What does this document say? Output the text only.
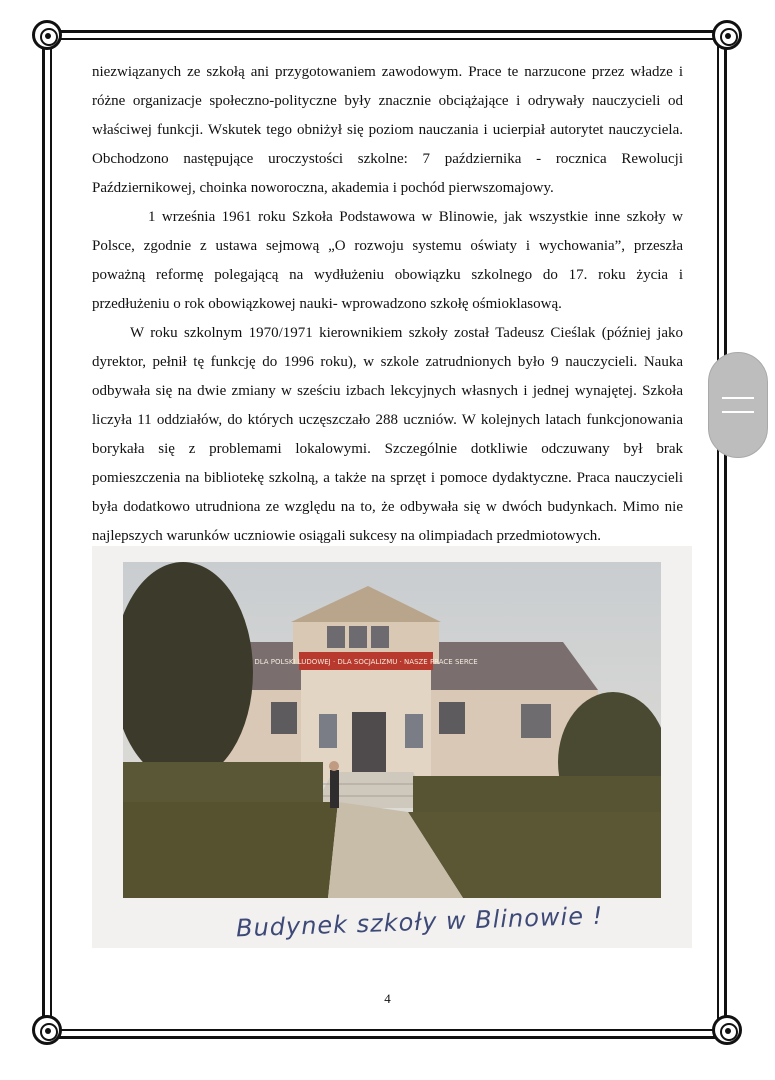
niezwiązanych ze szkołą ani przygotowaniem zawodowym. Prace te narzucone przez władze i różne organizacje społeczno-polityczne były znacznie obciążające i odrywały nauczycieli od właściwej funkcji. Wskutek tego obniżył się poziom nauczania i ucierpiał autorytet nauczyciela. Obchodzono następujące uroczystości szkolne: 7 października - rocznica Rewolucji Październikowej, choinka noworoczna, akademia i pochód pierwszomajowy.

1 września 1961 roku Szkoła Podstawowa w Blinowie, jak wszystkie inne szkoły w Polsce, zgodnie z ustawa sejmową „O rozwoju systemu oświaty i wychowania”, przeszła poważną reformę polegającą na wydłużeniu obowiązku szkolnego do 17. roku życia i przedłużeniu o rok obowiązkowej nauki- wprowadzono szkołę ośmioklasową.

W roku szkolnym 1970/1971 kierownikiem szkoły został Tadeusz Cieślak (później jako dyrektor, pełnił tę funkcję do 1996 roku), w szkole zatrudnionych było 9 nauczycieli. Nauka odbywała się na dwie zmiany w sześciu izbach lekcyjnych własnych i jednej wynajętej. Szkoła liczyła 11 oddziałów, do których uczęszczało 288 uczniów. W kolejnych latach funkcjonowania borykała się z problemami lokalowymi. Szczególnie dotkliwie odczuwany był brak pomieszczenia na bibliotekę szkolną, a także na sprzęt i pomoce dydaktyczne. Praca nauczycieli była dodatkowo utrudniona ze względu na to, że odbywała się w dwóch budynkach. Mimo nie najlepszych warunków uczniowie osiągali sukcesy na olimpiadach przedmiotowych.

DLA POLSKI LUDOWEJ · DLA SOCJALIZMU · NASZE PRACE SERCE
Budynek szkoły w Blinowie !
4
